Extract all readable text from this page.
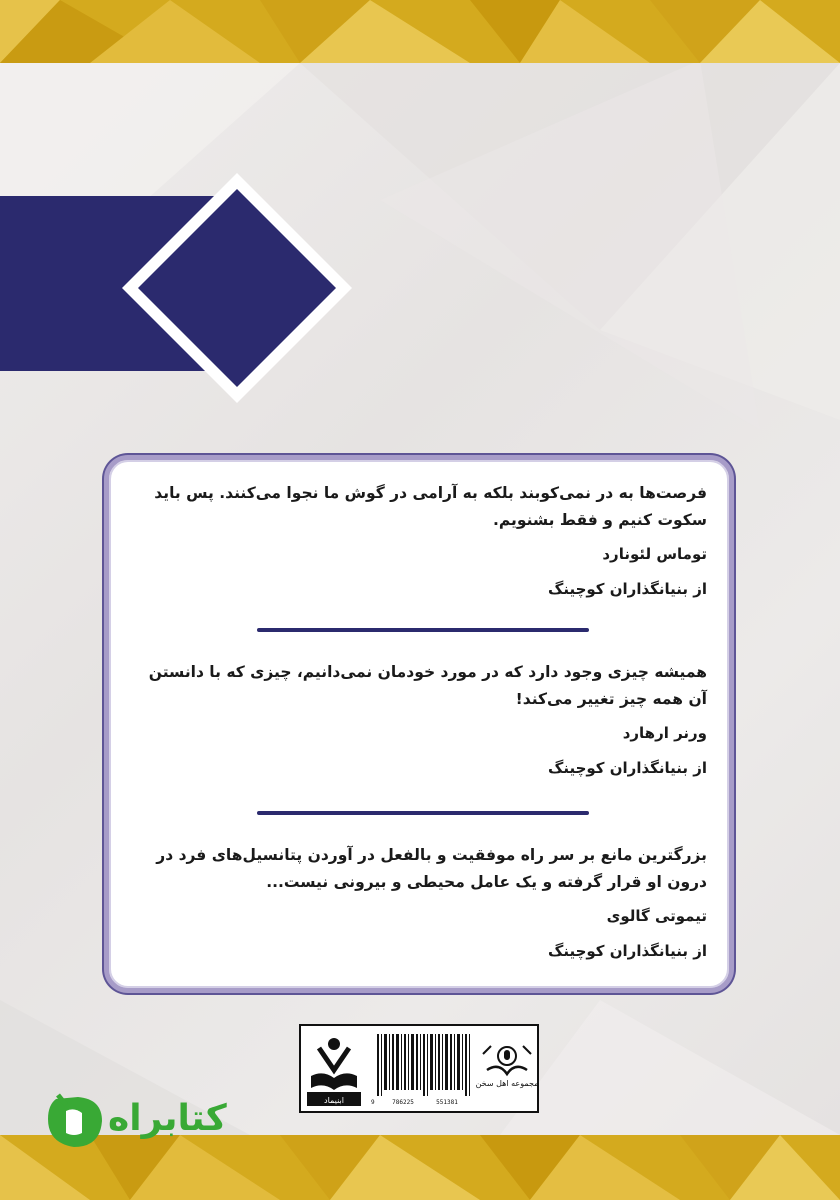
فرصت‌ها به در نمی‌کوبند بلکه به آرامی در گوش ما نجوا می‌کنند. پس باید سکوت کنیم و فقط بشنویم.

توماس لئونارد

از بنیانگذاران کوچینگ

همیشه چیزی وجود دارد که در مورد خودمان نمی‌دانیم، چیزی که با دانستن آن همه چیز تغییر می‌کند!

ورنر ارهارد

از بنیانگذاران کوچینگ

بزرگترین مانع بر سر راه موفقیت و بالفعل در آوردن پتانسیل‌های فرد در درون او قرار گرفته و یک عامل محیطی و بیرونی نیست...

تیموتی گالوی

از بنیانگذاران کوچینگ

مجموعه اهل سخن
9	786225	551381
ابنیماد
کتابراه
